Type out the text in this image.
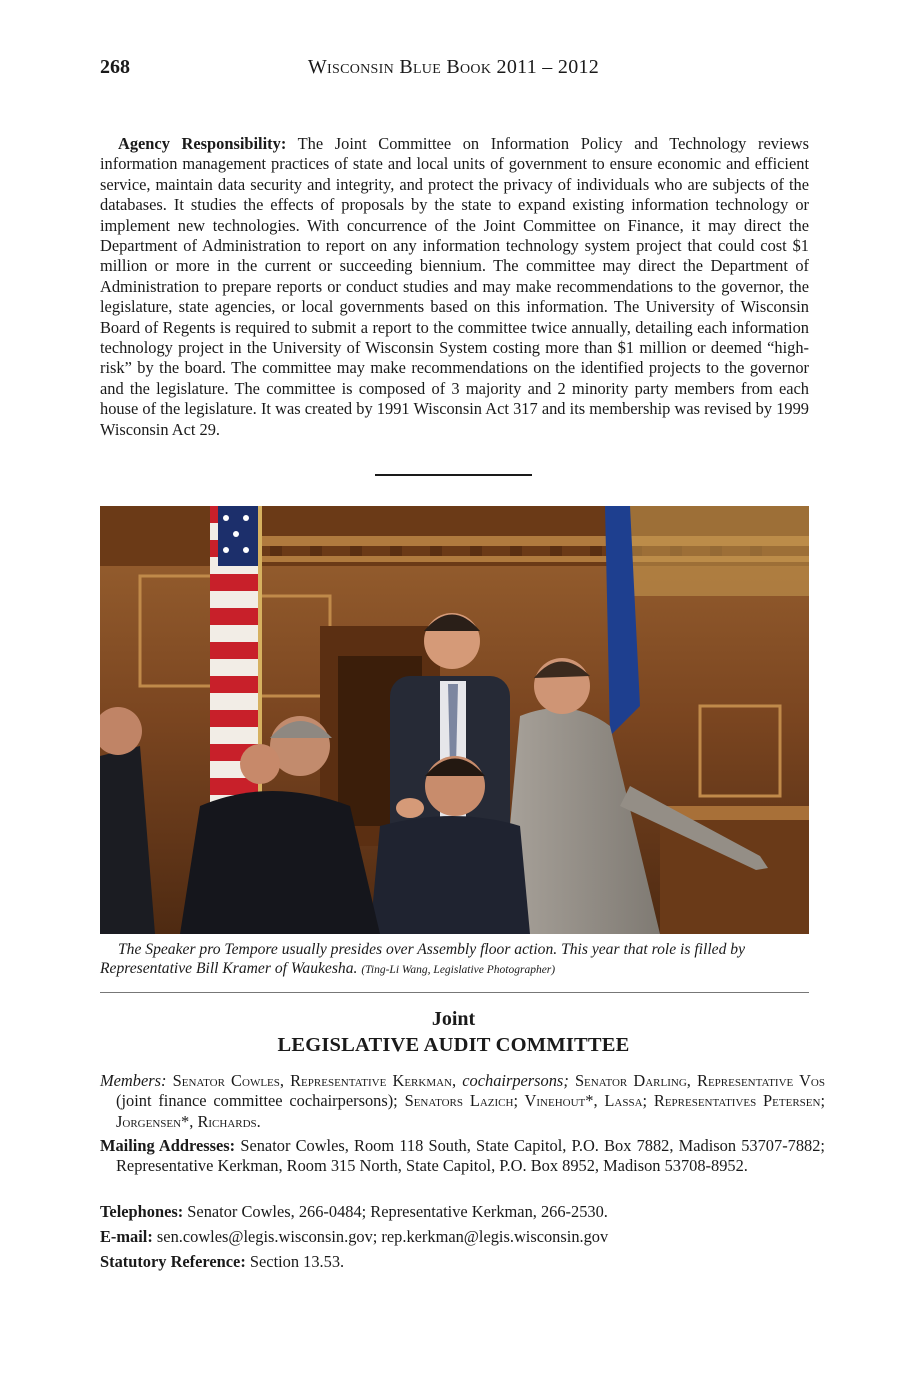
268	Wisconsin Blue Book 2011 – 2012

Agency Responsibility: The Joint Committee on Information Policy and Technology reviews information management practices of state and local units of government to ensure economic and efficient service, maintain data security and integrity, and protect the privacy of individuals who are subjects of the databases. It studies the effects of proposals by the state to expand existing information technology or implement new technologies. With concurrence of the Joint Committee on Finance, it may direct the Department of Administration to report on any information technology system project that could cost $1 million or more in the current or succeeding biennium. The committee may direct the Department of Administration to prepare reports or conduct studies and may make recommendations to the governor, the legislature, state agencies, or local governments based on this information. The University of Wisconsin Board of Regents is required to submit a report to the committee twice annually, detailing each information technology project in the University of Wisconsin System costing more than $1 million or deemed “high-risk” by the board. The committee may make recommendations on the identified projects to the governor and the legislature. The committee is composed of 3 majority and 2 minority party members from each house of the legislature. It was created by 1991 Wisconsin Act 317 and its membership was revised by 1999 Wisconsin Act 29.

The Speaker pro Tempore usually presides over Assembly floor action. This year that role is filled by Representative Bill Kramer of Waukesha. (Ting-Li Wang, Legislative Photographer)

Joint
LEGISLATIVE AUDIT COMMITTEE

Members: Senator Cowles, Representative Kerkman, cochairpersons; Senator Darling, Representative Vos (joint finance committee cochairpersons); Senators Lazich; Vinehout*, Lassa; Representatives Petersen; Jorgensen*, Richards.

Mailing Addresses: Senator Cowles, Room 118 South, State Capitol, P.O. Box 7882, Madison 53707-7882; Representative Kerkman, Room 315 North, State Capitol, P.O. Box 8952, Madison 53708-8952.

Telephones: Senator Cowles, 266-0484; Representative Kerkman, 266-2530.

E-mail: sen.cowles@legis.wisconsin.gov; rep.kerkman@legis.wisconsin.gov

Statutory Reference: Section 13.53.
